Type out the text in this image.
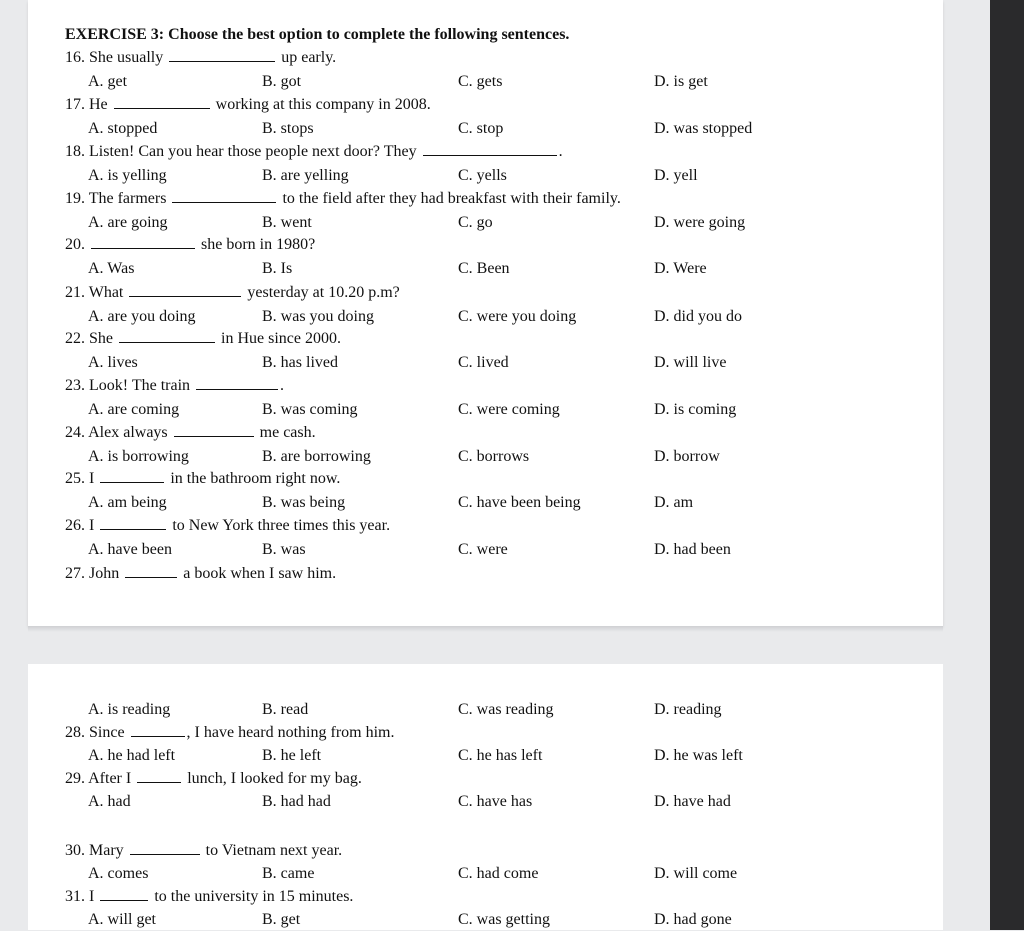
EXERCISE 3: Choose the best option to complete the following sentences.
16. She usually	up early.
A. get	B. got	C. gets	D. is get
17. He	working at this company in 2008.
A. stopped	B. stops	C. stop	D. was stopped
18. Listen! Can you hear those people next door? They	.
A. is yelling	B. are yelling	C. yells	D. yell
19. The farmers	to the field after they had breakfast with their family.
A. are going	B. went	C. go	D. were going
20.	she born in 1980?
A. Was	B. Is	C. Been	D. Were
21. What	yesterday at 10.20 p.m?
A. are you doing	B. was you doing	C. were you doing	D. did you do
22. She	in Hue since 2000.
A. lives	B. has lived	C. lived	D. will live
23. Look! The train	.
A. are coming	B. was coming	C. were coming	D. is coming
24. Alex always	me cash.
A. is borrowing	B. are borrowing	C. borrows	D. borrow
25. I	in the bathroom right now.
A. am being	B. was being	C. have been being	D. am
26. I	to New York three times this year.
A. have been	B. was	C. were	D. had been
27. John	a book when I saw him.
A. is reading	B. read	C. was reading	D. reading
28. Since	, I have heard nothing from him.
A. he had left	B. he left	C. he has left	D. he was left
29. After I	lunch, I looked for my bag.
A. had	B. had had	C. have has	D. have had
30. Mary	to Vietnam next year.
A. comes	B. came	C. had come	D. will come
31. I	to the university in 15 minutes.
A. will get	B. get	C. was getting	D. had gone
